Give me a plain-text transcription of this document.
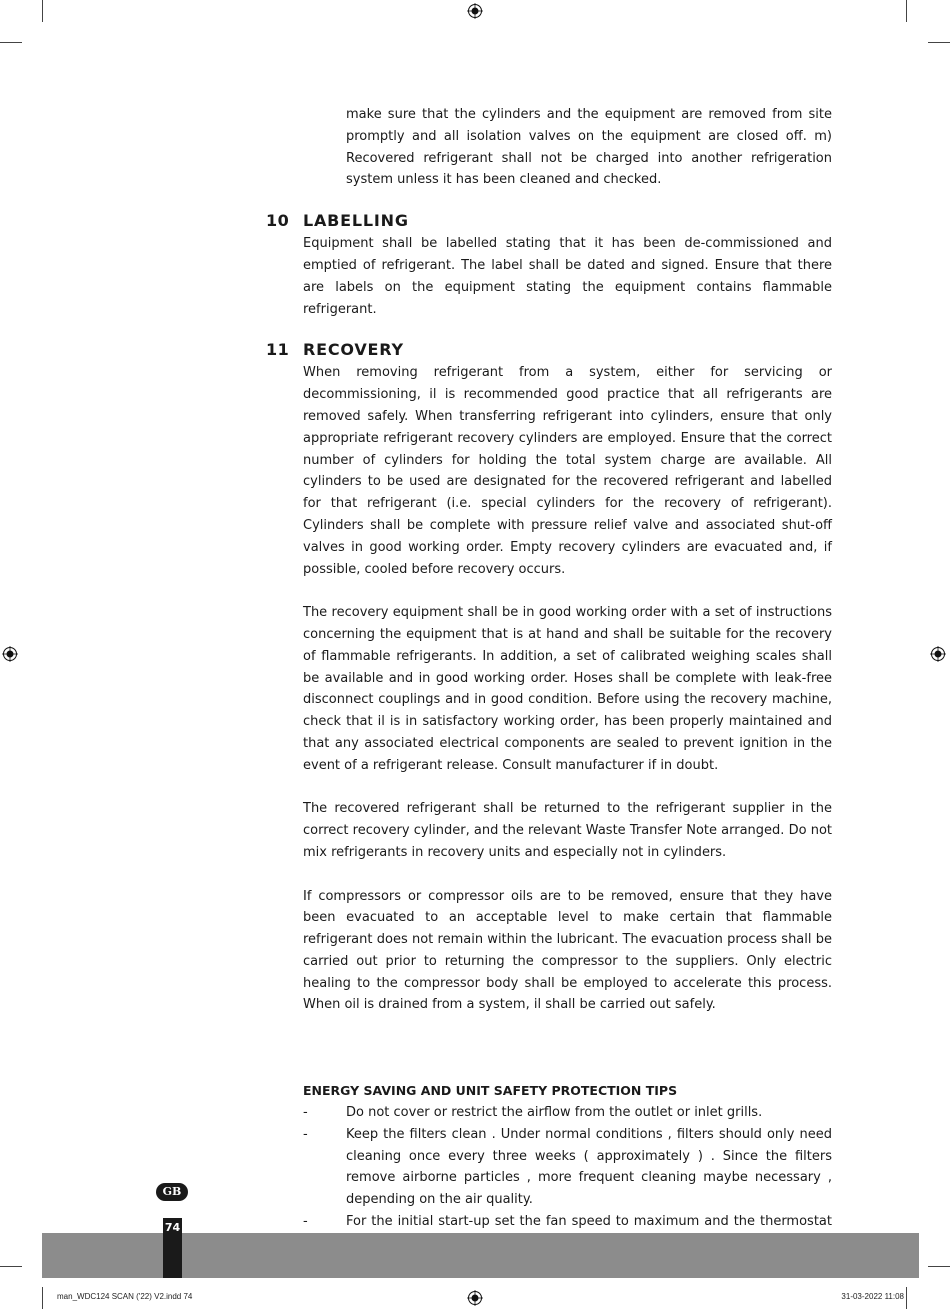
make sure that the cylinders and the equipment are removed from site promptly and all isolation valves on the equipment are closed off. m) Recovered refrigerant shall not be charged into another refrigeration system unless it has been cleaned and checked.

10 LABELLING

Equipment shall be labelled stating that it has been de-commissioned and emptied of refrigerant. The label shall be dated and signed. Ensure that there are labels on the equipment stating the equipment contains flammable refrigerant.

11 RECOVERY

When removing refrigerant from a system, either for servicing or decommissioning, il is recommended good practice that all refrigerants are removed safely. When transferring refrigerant into cylinders, ensure that only appropriate refrigerant recovery cylinders are employed. Ensure that the correct number of cylinders for holding the total system charge are available. All cylinders to be used are designated for the recovered refrigerant and labelled for that refrigerant (i.e. special cylinders for the recovery of refrigerant). Cylinders shall be complete with pressure relief valve and associated shut-off valves in good working order. Empty recovery cylinders are evacuated and, if possible, cooled before recovery occurs.

The recovery equipment shall be in good working order with a set of instructions concerning the equipment that is at hand and shall be suitable for the recovery of flammable refrigerants. In addition, a set of calibrated weighing scales shall be available and in good working order. Hoses shall be complete with leak-free disconnect couplings and in good condition. Before using the recovery machine, check that il is in satisfactory working order, has been properly maintained and that any associated electrical components are sealed to prevent ignition in the event of a refrigerant release. Consult manufacturer if in doubt.

The recovered refrigerant shall be returned to the refrigerant supplier in the correct recovery cylinder, and the relevant Waste Transfer Note arranged. Do not mix refrigerants in recovery units and especially not in cylinders.

If compressors or compressor oils are to be removed, ensure that they have been evacuated to an acceptable level to make certain that flammable refrigerant does not remain within the lubricant. The evacuation process shall be carried out prior to returning the compressor to the suppliers. Only electric healing to the compressor body shall be employed to accelerate this process. When oil is drained from a system, il shall be carried out safely.

ENERGY SAVING AND UNIT SAFETY PROTECTION TIPS
-	Do not cover or restrict the airflow from the outlet or inlet grills.

-	Keep the filters clean . Under normal conditions , filters should only need cleaning once every three weeks ( approximately ) . Since the filters remove airborne particles , more frequent cleaning maybe necessary , depending on the air quality.

-	For the initial start-up set the fan speed to maximum and the thermostat

GB
74
man_WDC124 SCAN ('22) V2.indd 74	31-03-2022 11:08
